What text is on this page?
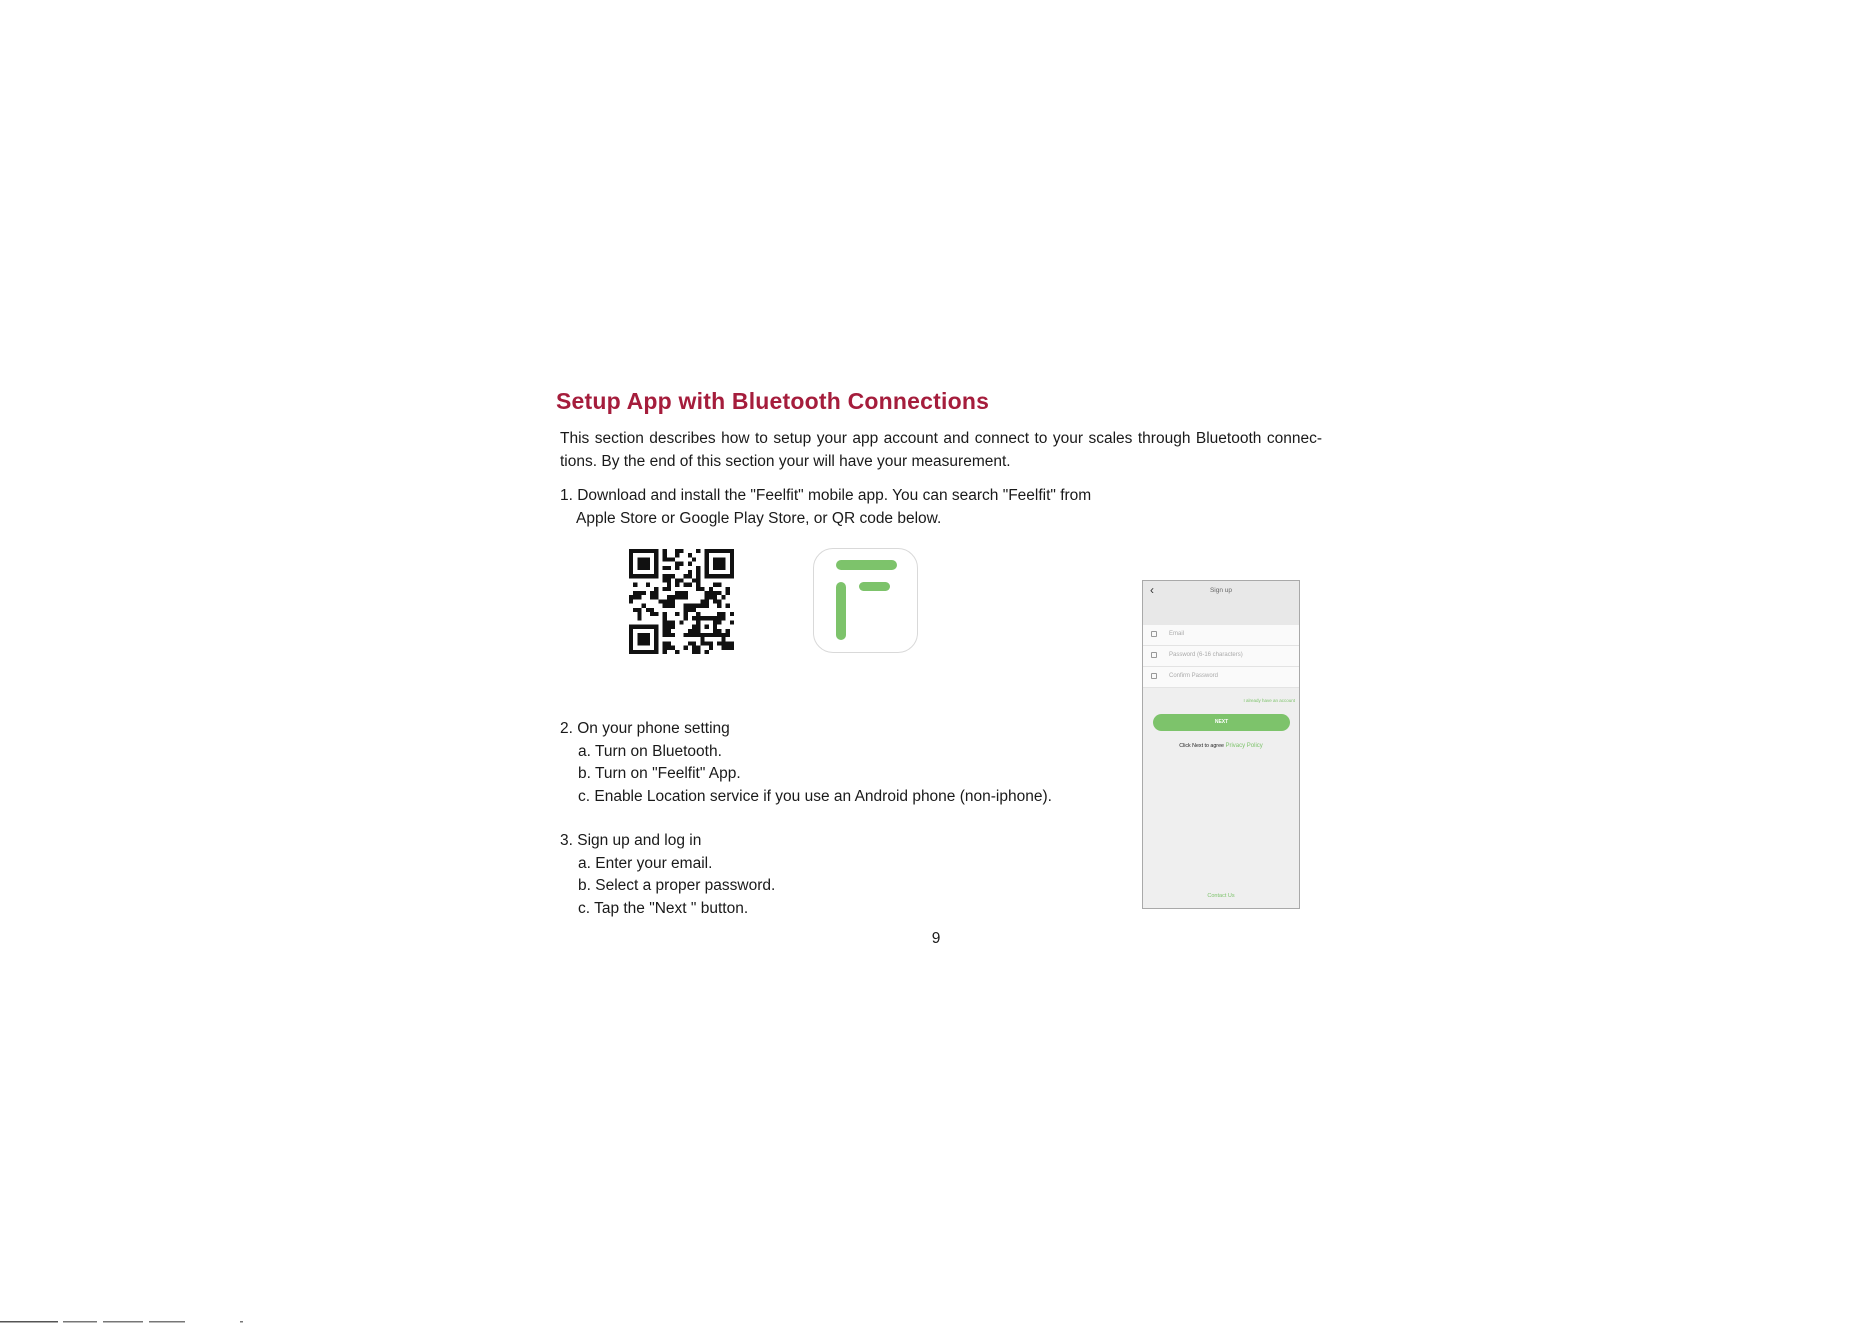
Setup App with Bluetooth Connections

This section describes how to setup your app account and connect to your scales through Bluetooth connec- tions. By the end of this section your will have your measurement.

1. Download and install the "Feelfit" mobile app. You can search "Feelfit" from
Apple Store or Google Play Store, or QR code below.

2. On your phone setting
a. Turn on Bluetooth.
b. Turn on "Feelfit" App.
c. Enable Location service if you use an Android phone (non-iphone).

3. Sign up and log in
a. Enter your email.
b. Select a proper password.
c. Tap the "Next " button.

‹	Sign up
Email
Password (6-16 characters)
Confirm Password
I already have an account
NEXT
Click Next to agree Privacy Policy
Contact Us
9
